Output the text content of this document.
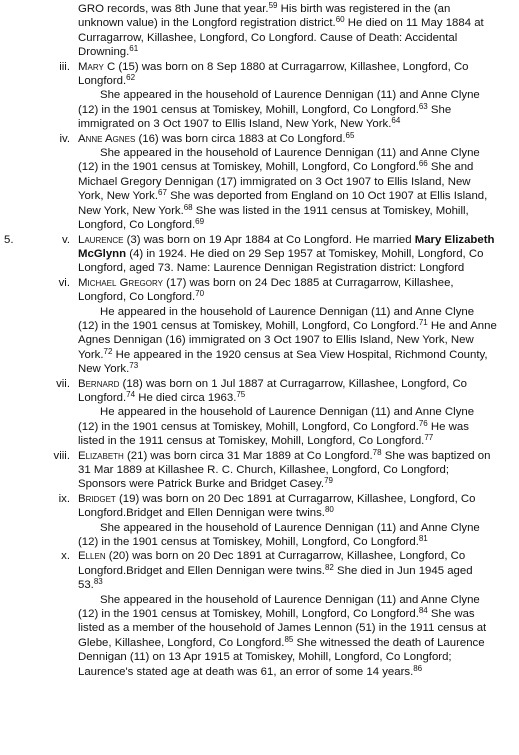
GRO records, was 8th June that year.$^{59}$ His birth was registered in the (an unknown value) in the Longford registration district.$^{60}$ He died on 11 May 1884 at Curragarrow, Killashee, Longford, Co Longford. Cause of Death: Accidental Drowning.$^{61}$

iii. Mary C (15) was born on 8 Sep 1880 at Curragarrow, Killashee, Longford, Co Longford.$^{62}$

She appeared in the household of Laurence Dennigan (11) and Anne Clyne (12) in the 1901 census at Tomiskey, Mohill, Longford, Co Longford.$^{63}$ She immigrated on 3 Oct 1907 to Ellis Island, New York, New York.$^{64}$

iv. Anne Agnes (16) was born circa 1883 at Co Longford.$^{65}$

She appeared in the household of Laurence Dennigan (11) and Anne Clyne (12) in the 1901 census at Tomiskey, Mohill, Longford, Co Longford.$^{66}$ She and Michael Gregory Dennigan (17) immigrated on 3 Oct 1907 to Ellis Island, New York, New York.$^{67}$ She was deported from England on 10 Oct 1907 at Ellis Island, New York, New York.$^{68}$ She was listed in the 1911 census at Tomiskey, Mohill, Longford, Co Longford.$^{69}$

5.	v. Laurence (3) was born on 19 Apr 1884 at Co Longford. He married Mary Elizabeth McGlynn (4) in 1924. He died on 29 Sep 1957 at Tomiskey, Mohill, Longford, Co Longford, aged 73. Name: Laurence Dennigan Registration district: Longford

vi. Michael Gregory (17) was born on 24 Dec 1885 at Curragarrow, Killashee, Longford, Co Longford.$^{70}$

He appeared in the household of Laurence Dennigan (11) and Anne Clyne (12) in the 1901 census at Tomiskey, Mohill, Longford, Co Longford.$^{71}$ He and Anne Agnes Dennigan (16) immigrated on 3 Oct 1907 to Ellis Island, New York, New York.$^{72}$ He appeared in the 1920 census at Sea View Hospital, Richmond County, New York.$^{73}$

vii. Bernard (18) was born on 1 Jul 1887 at Curragarrow, Killashee, Longford, Co Longford.$^{74}$ He died circa 1963.75

He appeared in the household of Laurence Dennigan (11) and Anne Clyne (12) in the 1901 census at Tomiskey, Mohill, Longford, Co Longford.$^{76}$ He was listed in the 1911 census at Tomiskey, Mohill, Longford, Co Longford.$^{77}$

viii. Elizabeth (21) was born circa 31 Mar 1889 at Co Longford.$^{78}$ She was baptized on 31 Mar 1889 at Killashee R. C. Church, Killashee, Longford, Co Longford; Sponsors were Patrick Burke and Bridget Casey.$^{79}$

ix. Bridget (19) was born on 20 Dec 1891 at Curragarrow, Killashee, Longford, Co Longford.Bridget and Ellen Dennigan were twins.$^{80}$

She appeared in the household of Laurence Dennigan (11) and Anne Clyne (12) in the 1901 census at Tomiskey, Mohill, Longford, Co Longford.$^{81}$

x. Ellen (20) was born on 20 Dec 1891 at Curragarrow, Killashee, Longford, Co Longford.Bridget and Ellen Dennigan were twins.$^{82}$ She died in Jun 1945 aged 53.83

She appeared in the household of Laurence Dennigan (11) and Anne Clyne (12) in the 1901 census at Tomiskey, Mohill, Longford, Co Longford.$^{84}$ She was listed as a member of the household of James Lennon (51) in the 1911 census at Glebe, Killashee, Longford, Co Longford.$^{85}$ She witnessed the death of Laurence Dennigan (11) on 13 Apr 1915 at Tomiskey, Mohill, Longford, Co Longford; Laurence's stated age at death was 61, an error of some 14 years.$^{86}$
